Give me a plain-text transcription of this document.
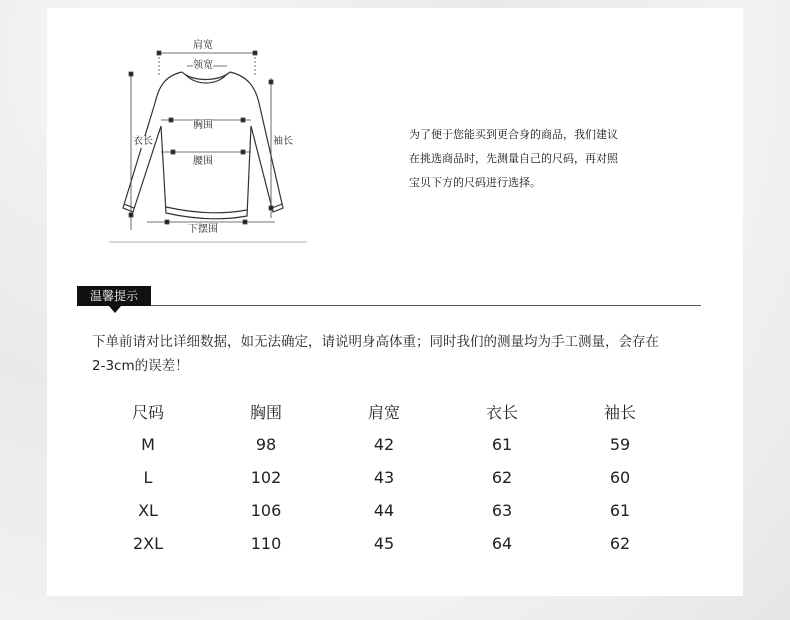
肩宽
领宽
胸围
衣长	袖长
腰围
下摆围
为了便于您能买到更合身的商品，我们建议
在挑选商品时，先测量自己的尺码，再对照
宝贝下方的尺码进行选择。
温馨提示
下单前请对比详细数据，如无法确定，请说明身高体重；同时我们的测量均为手工测量，会存在
2-3cm的误差！
尺码	胸围	肩宽	衣长	袖长
M	98	42	61	59
L	102	43	62	60
XL	106	44	63	61
2XL	110	45	64	62
